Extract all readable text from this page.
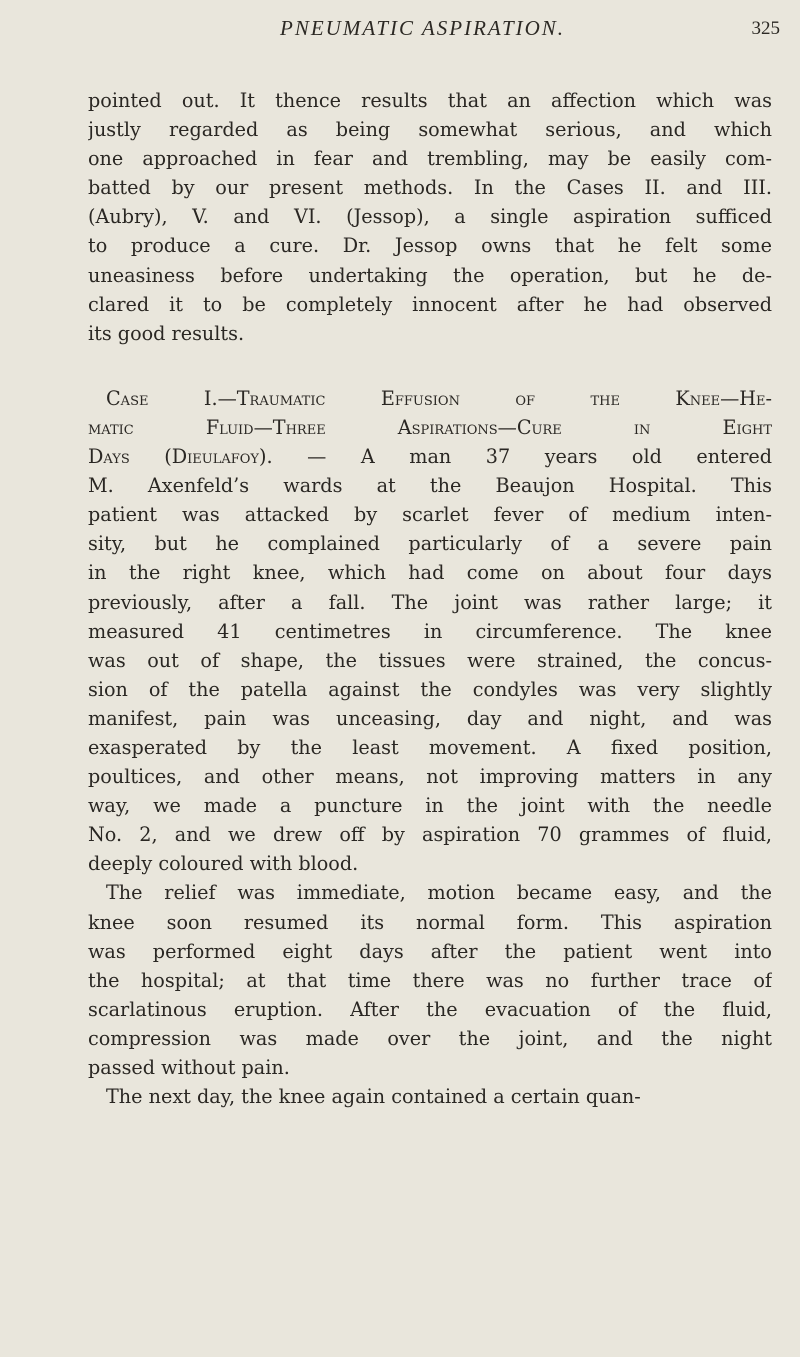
PNEUMATIC ASPIRATION.	325
pointed out. It thence results that an affection which was
justly regarded as being somewhat serious, and which
one approached in fear and trembling, may be easily com-
batted by our present methods. In the Cases II. and III.
(Aubry), V. and VI. (Jessop), a single aspiration sufficed
to produce a cure. Dr. Jessop owns that he felt some
uneasiness before undertaking the operation, but he de-
clared it to be completely innocent after he had observed
its good results.
Case I.—Traumatic Effusion of the Knee—He-
matic Fluid—Three Aspirations—Cure in Eight
Days (Dieulafoy). — A man 37 years old entered
M. Axenfeld’s wards at the Beaujon Hospital. This
patient was attacked by scarlet fever of medium inten-
sity, but he complained particularly of a severe pain
in the right knee, which had come on about four days
previously, after a fall. The joint was rather large; it
measured 41 centimetres in circumference. The knee
was out of shape, the tissues were strained, the concus-
sion of the patella against the condyles was very slightly
manifest, pain was unceasing, day and night, and was
exasperated by the least movement. A fixed position,
poultices, and other means, not improving matters in any
way, we made a puncture in the joint with the needle
No. 2, and we drew off by aspiration 70 grammes of fluid,
deeply coloured with blood.
The relief was immediate, motion became easy, and the
knee soon resumed its normal form. This aspiration
was performed eight days after the patient went into
the hospital; at that time there was no further trace of
scarlatinous eruption. After the evacuation of the fluid,
compression was made over the joint, and the night
passed without pain.
The next day, the knee again contained a certain quan-
